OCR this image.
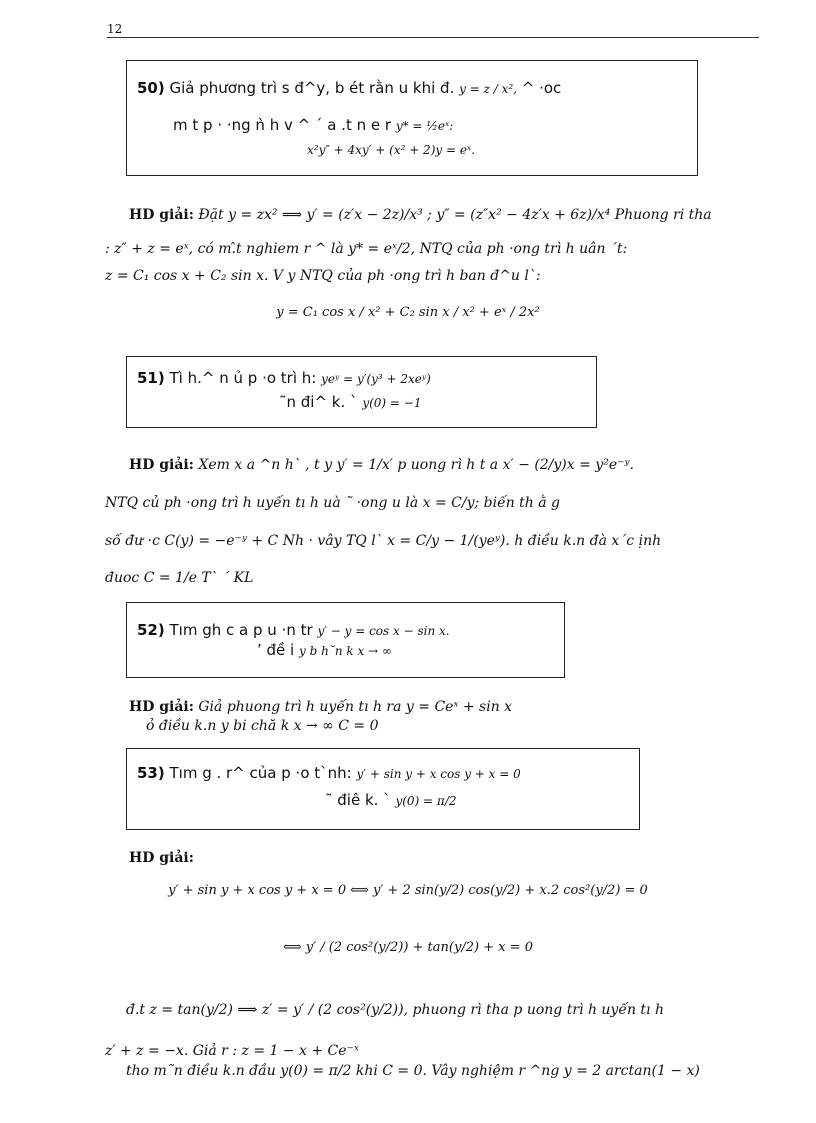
12
50) Giả phương trì s đ^y, b ét rằn u khi đ. y = z / x², ^ ·oc
m t p · ·ng ǹ h v ^ ´ a .t n e r y* = ½eˣ:
x²y″ + 4xy′ + (x² + 2)y = eˣ.
HD giải: Đặt y = zx² ⟹ y′ = (z′x − 2z)/x³ ; y″ = (z″x² − 4z′x + 6z)/x⁴ Phuong ri tha
: z″ + z = eˣ, có m.̂t nghiem r ^ là y* = eˣ/2, NTQ của ph ·ong trì h uân ´t:
z = C₁ cos x + C₂ sin x. V y NTQ của ph ·ong trì h ban đ^u l`:
y = C₁ cos x / x² + C₂ sin x / x² + eˣ / 2x²
51) Tì h.^ n ủ p ·o trì h: yeʸ = y′(y³ + 2xeʸ)
˜n đi^ k. ` y(0) = −1
HD giải: Xem x a ^n h` , t y y′ = 1/x′ p uong rì h t a x′ − (2/y)x = y²e⁻ʸ.
NTQ củ ph ·ong trì h uyến tı h uà ˜ ·ong u là x = C/y; biến th ằ g
số đư ·c C(y) = −e⁻ʸ + C Nh · vây TQ l` x = C/y − 1/(yeʸ). h điều k.n đà x´c ịnh
đuoc C = 1/e T` ´ KL
52) Tım gh c a p u ·n tr y′ − y = cos x − sin x.
’ đề i y b h˘n k x → ∞
HD giải: Giả phuong trì h uyến tı h ra y = Ceˣ + sin x
ỏ điều k.n y bi chă k x → ∞ C = 0
53) Tım g . r^ của p ·o t`nh: y′ + sin y + x cos y + x = 0
˜ điê k. ` y(0) = π/2
HD giải:
y′ + sin y + x cos y + x = 0 ⟺ y′ + 2 sin(y/2) cos(y/2) + x.2 cos²(y/2) = 0
⟺ y′ / (2 cos²(y/2)) + tan(y/2) + x = 0
đ.t z = tan(y/2) ⟹ z′ = y′ / (2 cos²(y/2)), phuong rì tha p uong trì h uyến tı h
z′ + z = −x. Giả r : z = 1 − x + Ce⁻ˣ
tho m˜n điều k.n đầu y(0) = π/2 khi C = 0. Vây nghiệm r ^ng y = 2 arctan(1 − x)
